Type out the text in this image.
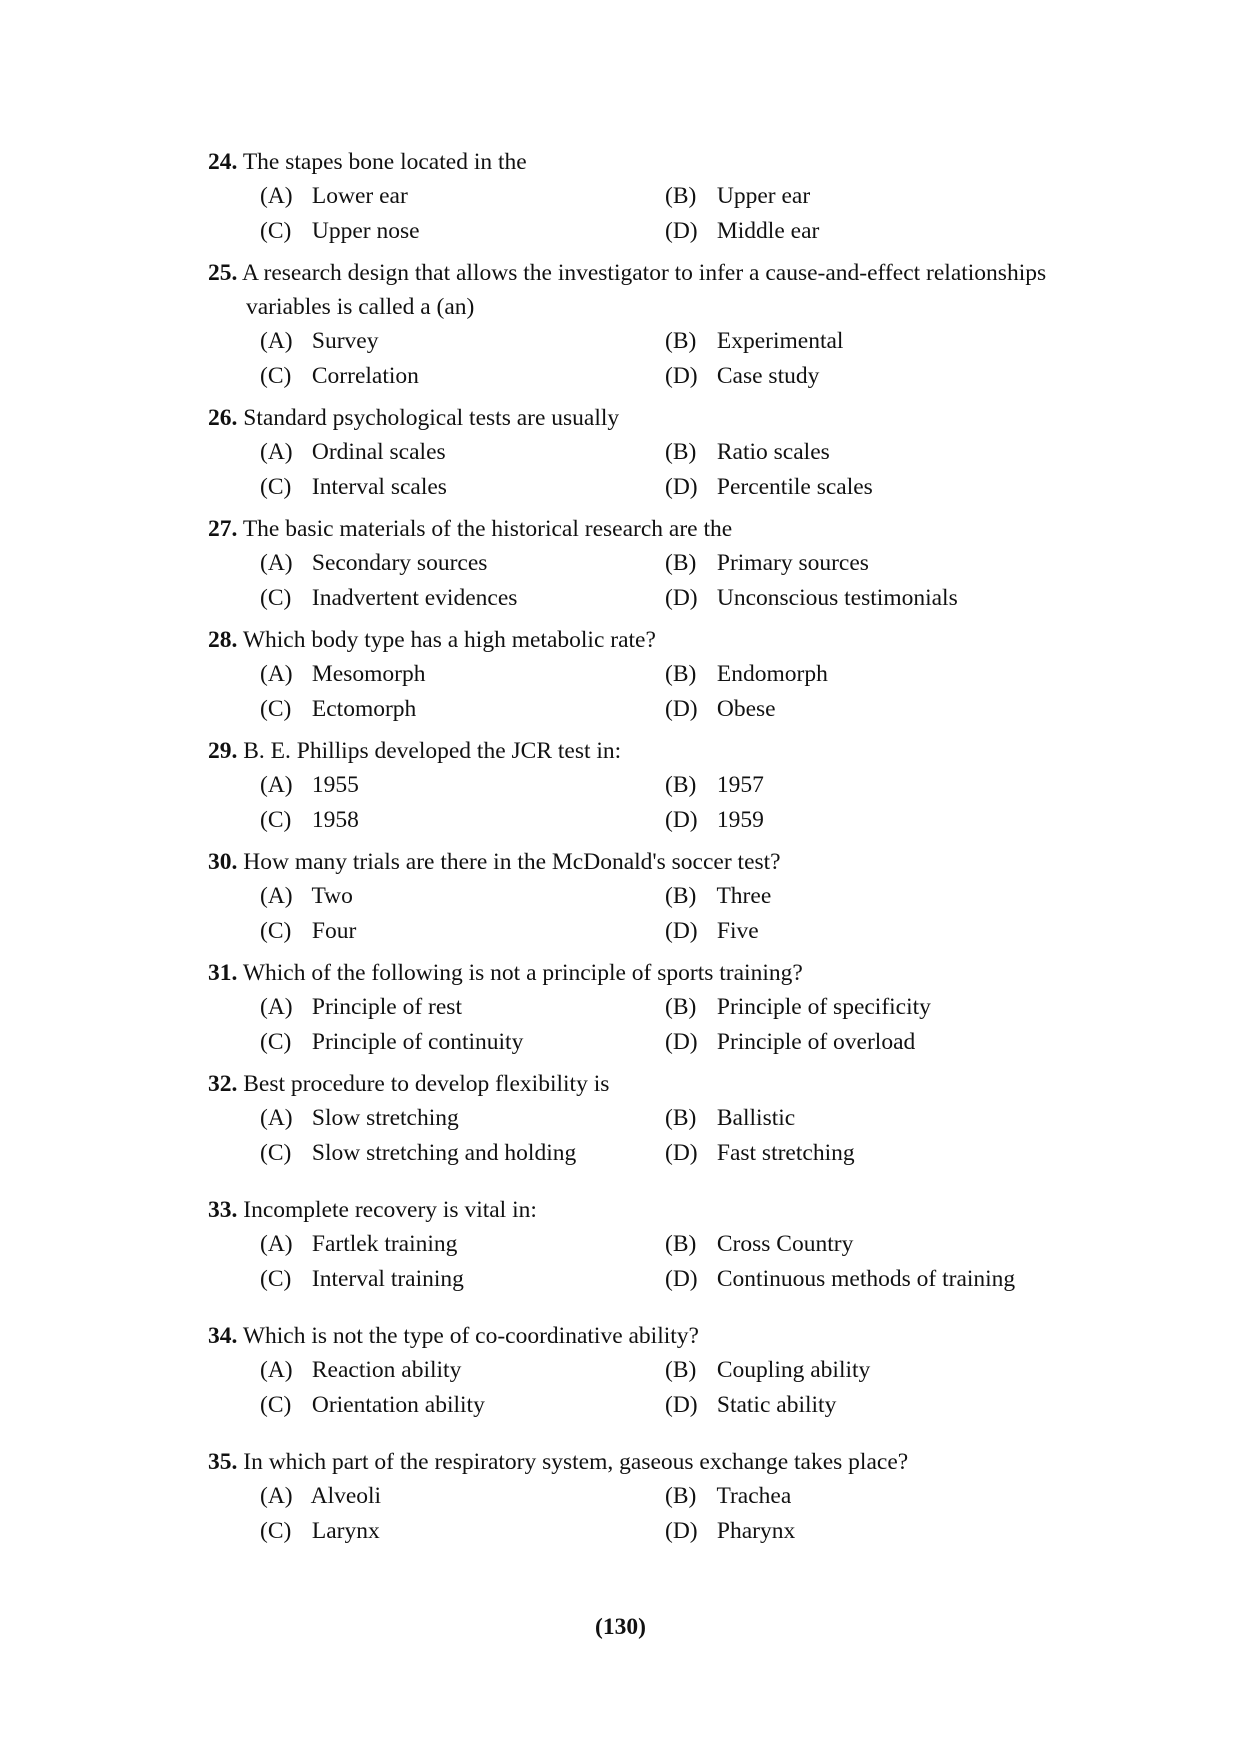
24. The stapes bone located in the
(A) Lower ear	(B) Upper ear
(C) Upper nose	(D) Middle ear
25. A research design that allows the investigator to infer a cause-and-effect relationships variables is called a (an)
(A) Survey	(B) Experimental
(C) Correlation	(D) Case study
26. Standard psychological tests are usually
(A) Ordinal scales	(B) Ratio scales
(C) Interval scales	(D) Percentile scales
27. The basic materials of the historical research are the
(A) Secondary sources	(B) Primary sources
(C) Inadvertent evidences	(D) Unconscious testimonials
28. Which body type has a high metabolic rate?
(A) Mesomorph	(B) Endomorph
(C) Ectomorph	(D) Obese
29. B. E. Phillips developed the JCR test in:
(A) 1955	(B) 1957
(C) 1958	(D) 1959
30. How many trials are there in the McDonald's soccer test?
(A) Two	(B) Three
(C) Four	(D) Five
31. Which of the following is not a principle of sports training?
(A) Principle of rest	(B) Principle of specificity
(C) Principle of continuity	(D) Principle of overload
32. Best procedure to develop flexibility is
(A) Slow stretching	(B) Ballistic
(C) Slow stretching and holding	(D) Fast stretching
33. Incomplete recovery is vital in:
(A) Fartlek training	(B) Cross Country
(C) Interval training	(D) Continuous methods of training
34. Which is not the type of co-coordinative ability?
(A) Reaction ability	(B) Coupling ability
(C) Orientation ability	(D) Static ability
35. In which part of the respiratory system, gaseous exchange takes place?
(A) Alveoli	(B) Trachea
(C) Larynx	(D) Pharynx
(130)
